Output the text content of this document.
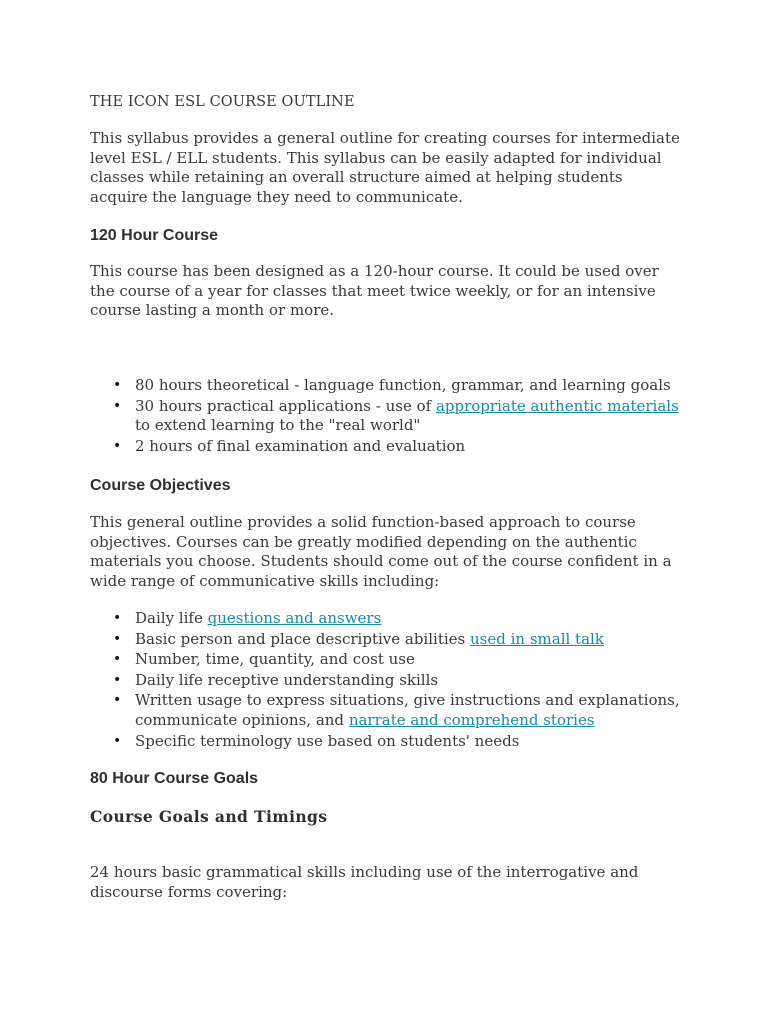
THE ICON ESL COURSE OUTLINE

This syllabus provides a general outline for creating courses for intermediate level ESL / ELL students. This syllabus can be easily adapted for individual classes while retaining an overall structure aimed at helping students acquire the language they need to communicate.

120 Hour Course

This course has been designed as a 120-hour course. It could be used over the course of a year for classes that meet twice weekly, or for an intensive course lasting a month or more.

• 80 hours theoretical - language function, grammar, and learning goals
• 30 hours practical applications - use of appropriate authentic materials to extend learning to the "real world"
• 2 hours of final examination and evaluation
Course Objectives

This general outline provides a solid function-based approach to course objectives. Courses can be greatly modified depending on the authentic materials you choose. Students should come out of the course confident in a wide range of communicative skills including:

• Daily life questions and answers
• Basic person and place descriptive abilities used in small talk
• Number, time, quantity, and cost use
• Daily life receptive understanding skills
• Written usage to express situations, give instructions and explanations, communicate opinions, and narrate and comprehend stories
• Specific terminology use based on students' needs
80 Hour Course Goals
Course Goals and Timings

24 hours basic grammatical skills including use of the interrogative and discourse forms covering:
